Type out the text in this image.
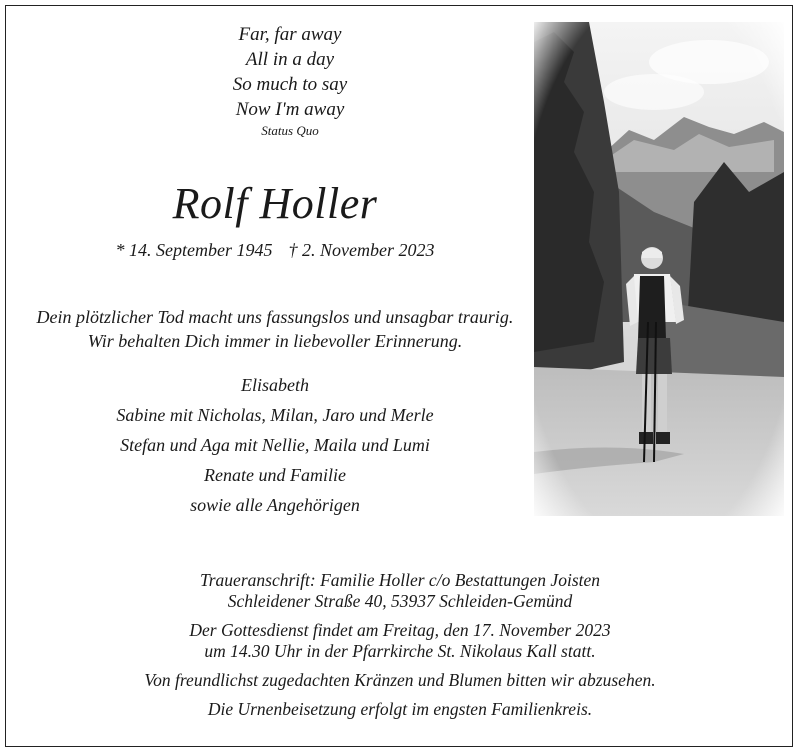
Far, far away
All in a day
So much to say
Now I'm away
Status Quo
Rolf Holler
* 14. September 1945 † 2. November 2023
Dein plötzlicher Tod macht uns fassungslos und unsagbar traurig.
Wir behalten Dich immer in liebevoller Erinnerung.
Elisabeth
Sabine mit Nicholas, Milan, Jaro und Merle
Stefan und Aga mit Nellie, Maila und Lumi
Renate und Familie
sowie alle Angehörigen
Traueranschrift: Familie Holler c/o Bestattungen Joisten
Schleidener Straße 40, 53937 Schleiden-Gemünd
Der Gottesdienst findet am Freitag, den 17. November 2023
um 14.30 Uhr in der Pfarrkirche St. Nikolaus Kall statt.
Von freundlichst zugedachten Kränzen und Blumen bitten wir abzusehen.
Die Urnenbeisetzung erfolgt im engsten Familienkreis.
